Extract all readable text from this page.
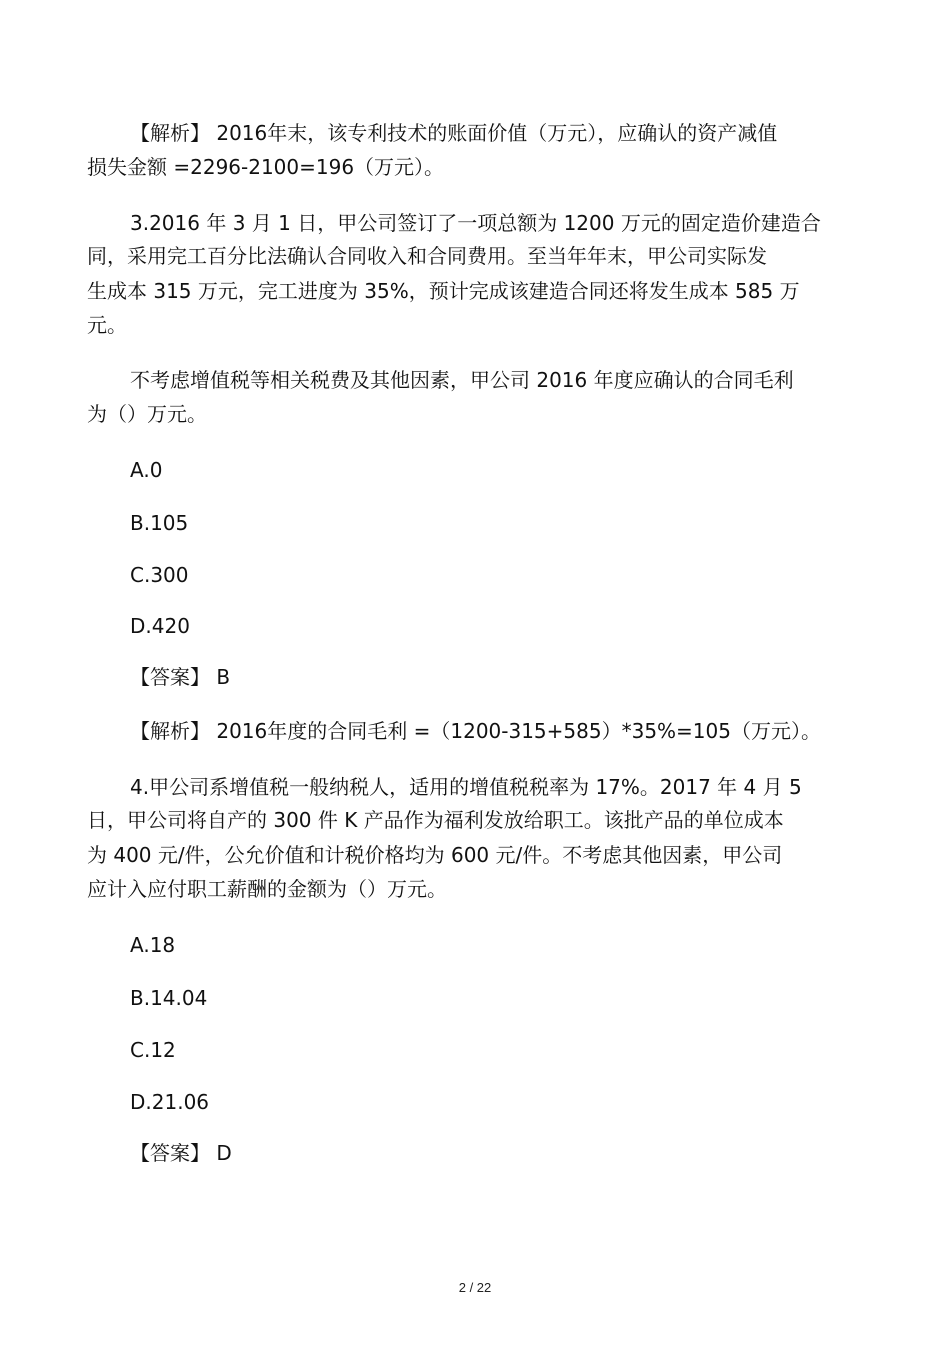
【解析】 2016年末，该专利技术的账面价值（万元），应确认的资产减值
损失金额 =2296-2100=196（万元）。
3.2016 年 3 月 1 日，甲公司签订了一项总额为 1200 万元的固定造价建造合
同，采用完工百分比法确认合同收入和合同费用。至当年年末，甲公司实际发
生成本 315 万元，完工进度为 35%，预计完成该建造合同还将发生成本 585 万
元。
不考虑增值税等相关税费及其他因素，甲公司 2016 年度应确认的合同毛利
为（）万元。
A.0
B.105
C.300
D.420
【答案】 B
【解析】 2016年度的合同毛利 =（1200-315+585）*35%=105（万元）。
4.甲公司系增值税一般纳税人，适用的增值税税率为 17%。2017 年 4 月 5
日，甲公司将自产的 300 件 K 产品作为福利发放给职工。该批产品的单位成本
为 400 元/件，公允价值和计税价格均为 600 元/件。不考虑其他因素，甲公司
应计入应付职工薪酬的金额为（）万元。
A.18
B.14.04
C.12
D.21.06
【答案】 D
2 / 22
